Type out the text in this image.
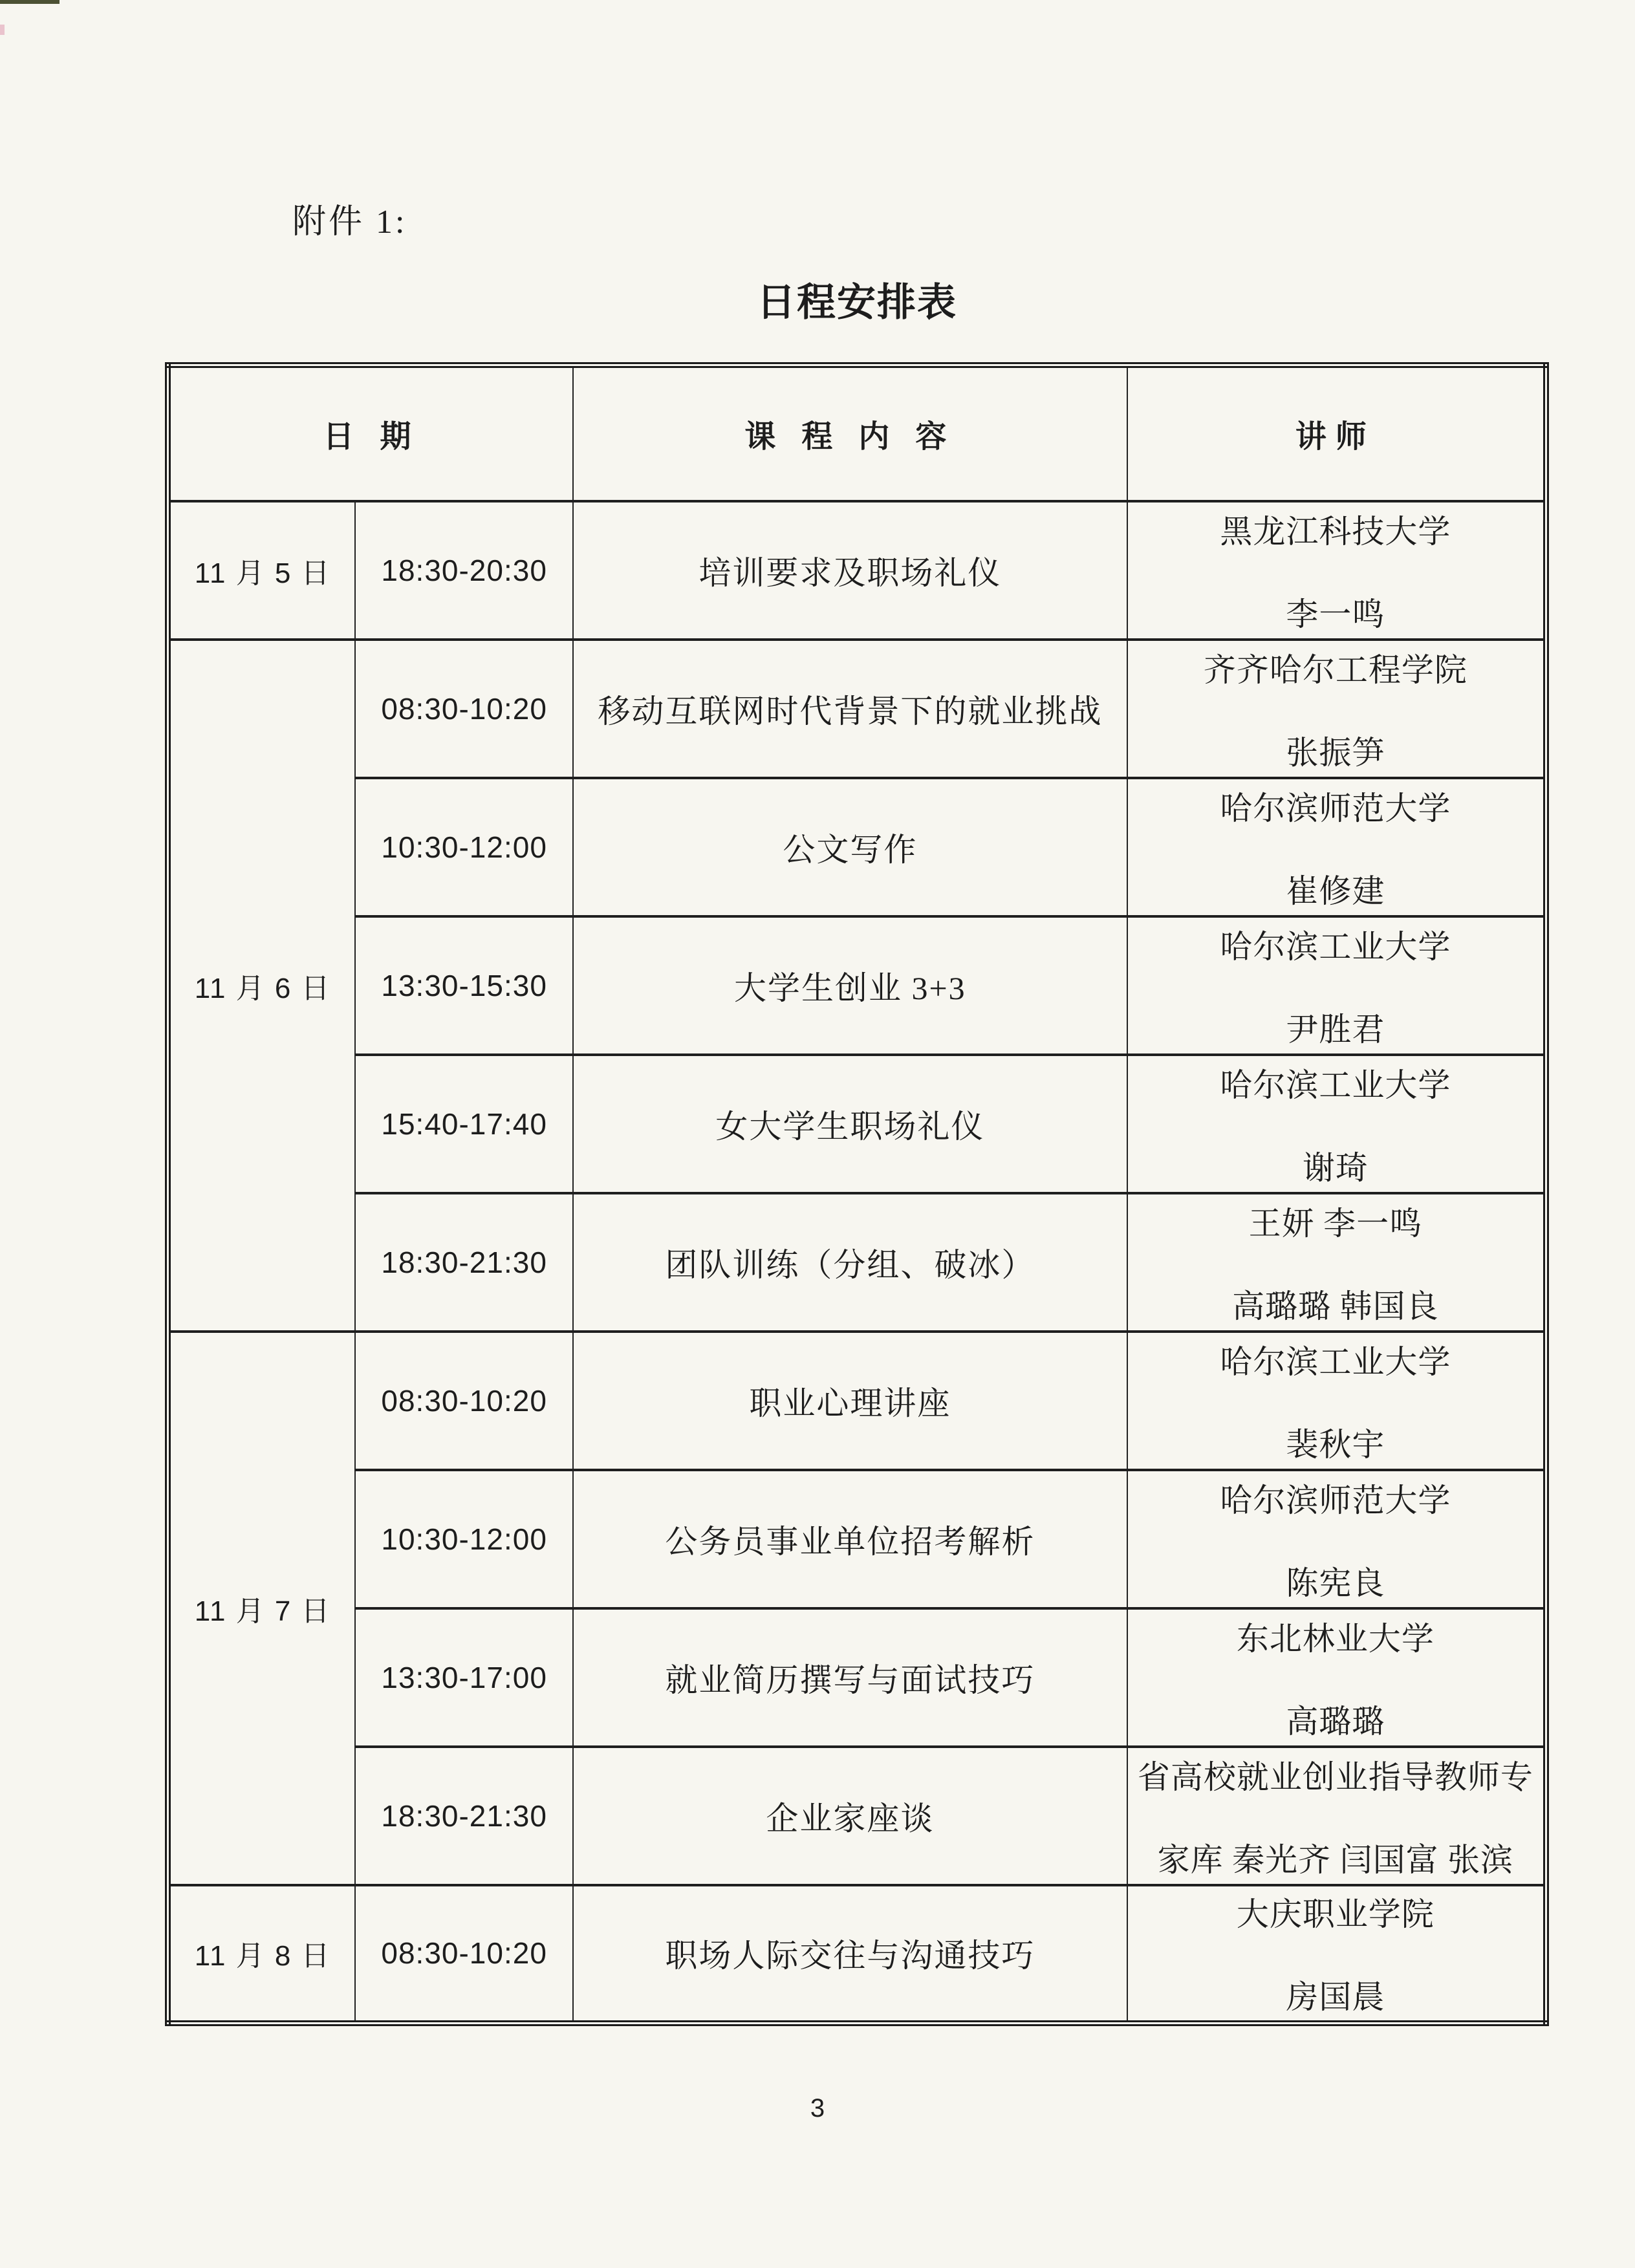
附件 1:
日程安排表
日 期		课 程 内 容	讲师
11 月 5 日	18:30-20:30	培训要求及职场礼仪	黑龙江科技大学
李一鸣

11 月 6 日	08:30-10:20	移动互联网时代背景下的就业挑战	齐齐哈尔工程学院
张振笋

	10:30-12:00	公文写作	哈尔滨师范大学
崔修建

	13:30-15:30	大学生创业 3+3	哈尔滨工业大学
尹胜君

	15:40-17:40	女大学生职场礼仪	哈尔滨工业大学
谢琦

	18:30-21:30	团队训练（分组、破冰）	王妍 李一鸣
高璐璐 韩国良

11 月 7 日	08:30-10:20	职业心理讲座	哈尔滨工业大学
裴秋宇

	10:30-12:00	公务员事业单位招考解析	哈尔滨师范大学
陈宪良

	13:30-17:00	就业简历撰写与面试技巧	东北林业大学
高璐璐

	18:30-21:30	企业家座谈	省高校就业创业指导教师专
家库 秦光齐 闫国富 张滨

11 月 8 日	08:30-10:20	职场人际交往与沟通技巧	大庆职业学院
房国晨
3
